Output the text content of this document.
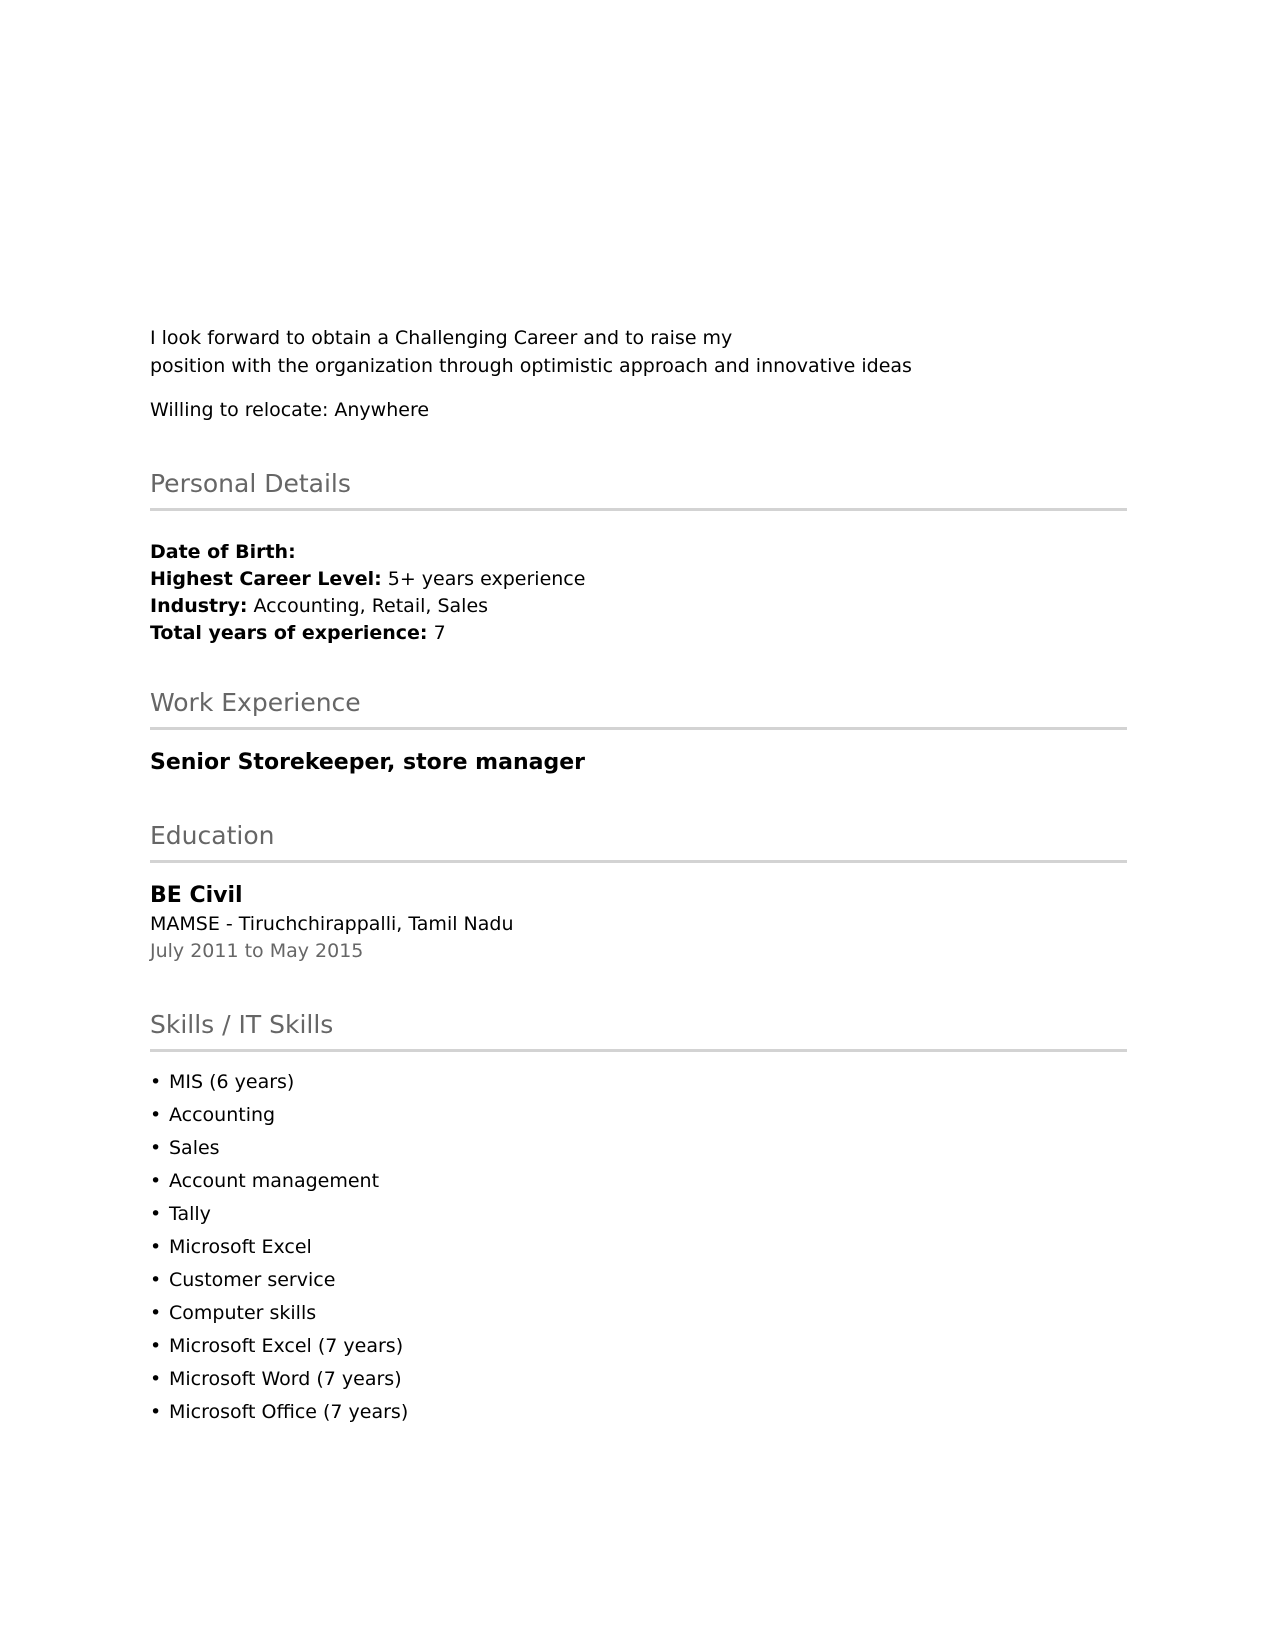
I look forward to obtain a Challenging Career and to raise my
position with the organization through optimistic approach and innovative ideas

Willing to relocate: Anywhere

Personal Details
Date of Birth:
Highest Career Level: 5+ years experience
Industry: Accounting, Retail, Sales
Total years of experience: 7
Work Experience
Senior Storekeeper, store manager
Education
BE Civil
MAMSE - Tiruchchirappalli, Tamil Nadu
July 2011 to May 2015
Skills / IT Skills
• MIS (6 years)
• Accounting
• Sales
• Account management
• Tally
• Microsoft Excel
• Customer service
• Computer skills
• Microsoft Excel (7 years)
• Microsoft Word (7 years)
• Microsoft Office (7 years)
